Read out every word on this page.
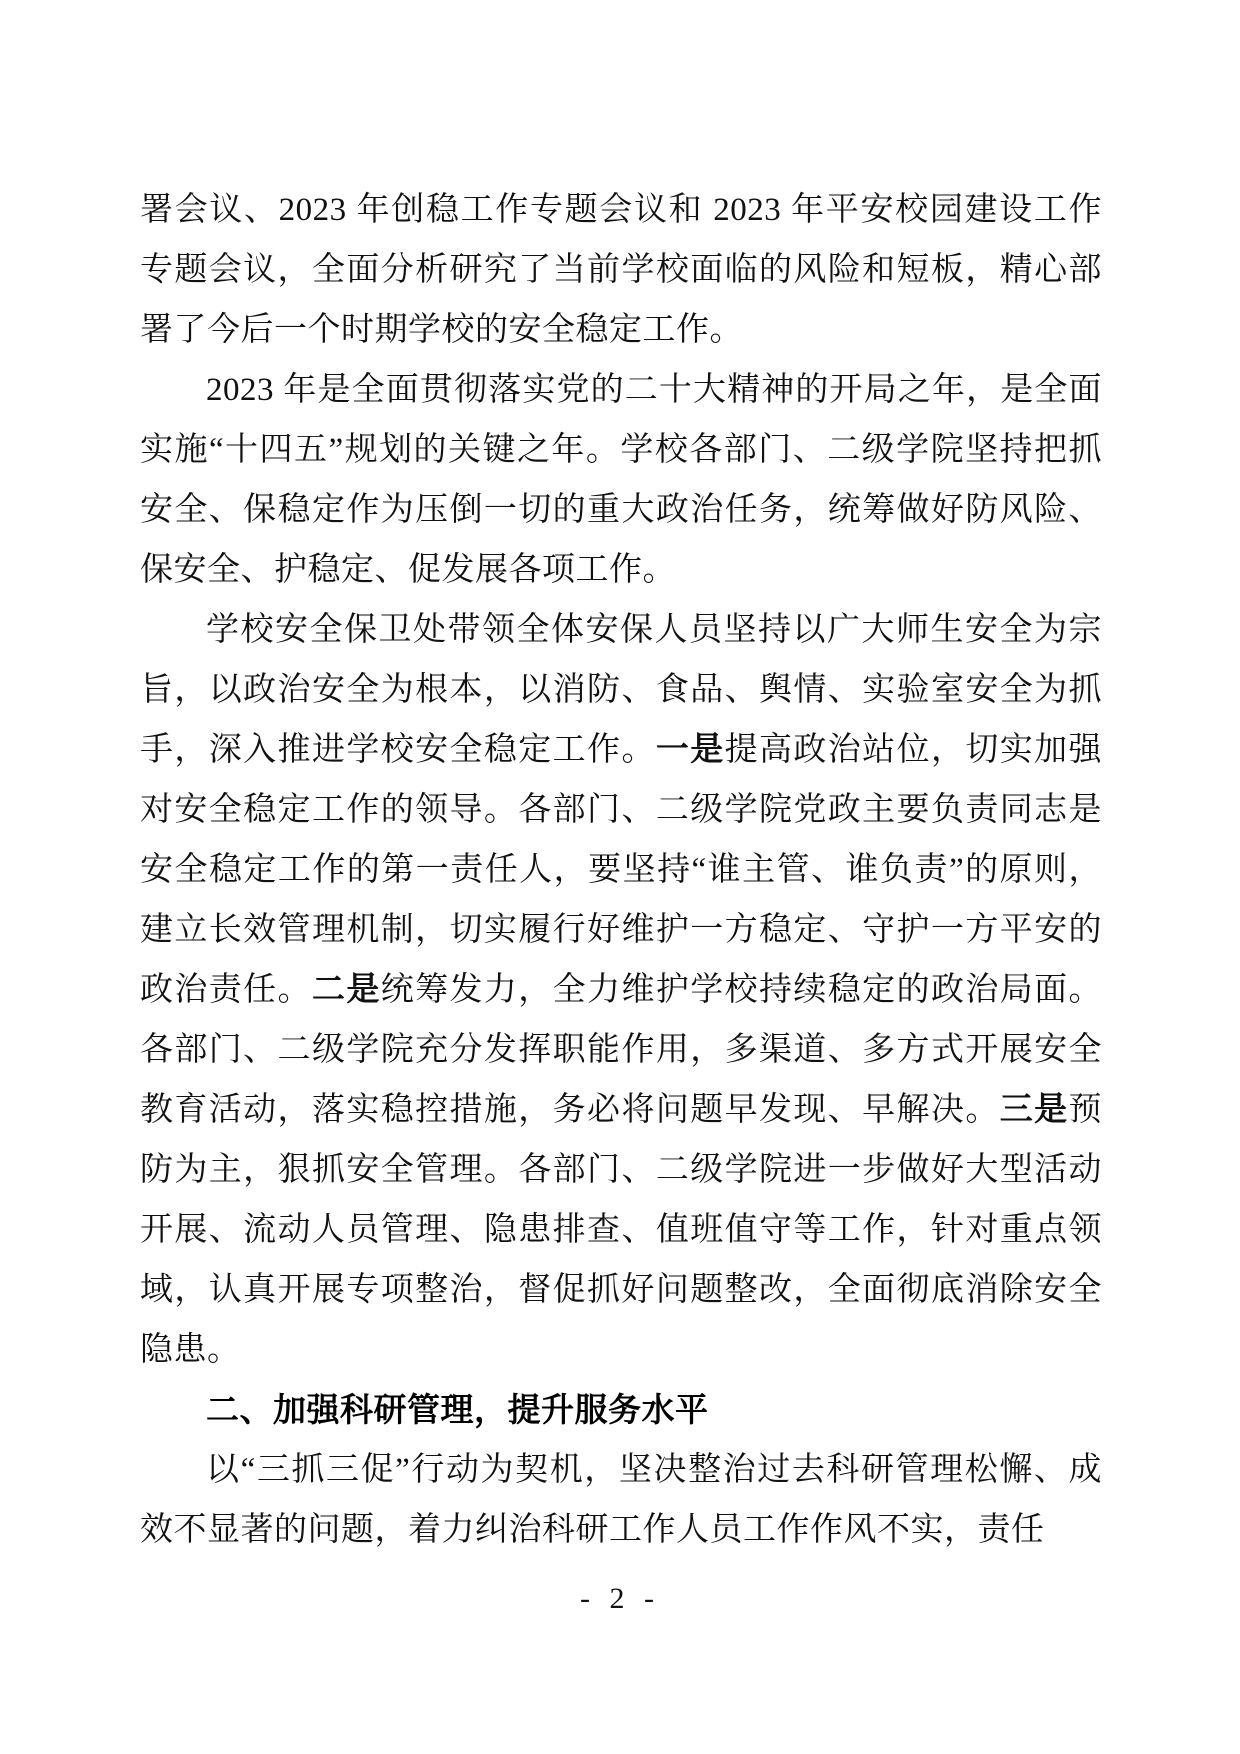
署会议、2023 年创稳工作专题会议和 2023 年平安校园建设工作专题会议，全面分析研究了当前学校面临的风险和短板，精心部署了今后一个时期学校的安全稳定工作。

2023 年是全面贯彻落实党的二十大精神的开局之年，是全面实施“十四五”规划的关键之年。学校各部门、二级学院坚持把抓安全、保稳定作为压倒一切的重大政治任务，统筹做好防风险、保安全、护稳定、促发展各项工作。

学校安全保卫处带领全体安保人员坚持以广大师生安全为宗旨，以政治安全为根本，以消防、食品、舆情、实验室安全为抓手，深入推进学校安全稳定工作。一是提高政治站位，切实加强对安全稳定工作的领导。各部门、二级学院党政主要负责同志是安全稳定工作的第一责任人，要坚持“谁主管、谁负责”的原则，建立长效管理机制，切实履行好维护一方稳定、守护一方平安的政治责任。二是统筹发力，全力维护学校持续稳定的政治局面。各部门、二级学院充分发挥职能作用，多渠道、多方式开展安全教育活动，落实稳控措施，务必将问题早发现、早解决。三是预防为主，狠抓安全管理。各部门、二级学院进一步做好大型活动开展、流动人员管理、隐患排查、值班值守等工作，针对重点领域，认真开展专项整治，督促抓好问题整改，全面彻底消除安全隐患。

二、加强科研管理，提升服务水平

以“三抓三促”行动为契机，坚决整治过去科研管理松懈、成效不显著的问题，着力纠治科研工作人员工作作风不实，责任

- 2 -
